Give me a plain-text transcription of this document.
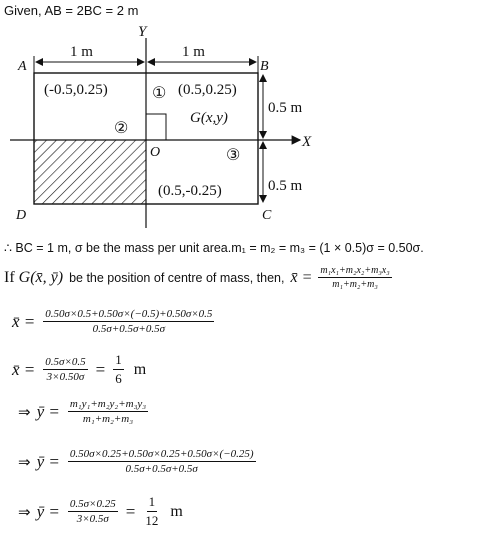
Given, AB = 2BC = 2 m
Y
X
O
A	B
C
D
1 m	1 m
0.5 m
0.5 m
(-0.5,0.25)	(0.5,0.25)
(0.5,-0.25)
①
②
③
G(x,y)
∴ BC = 1 m, σ be the mass per unit area.m₁ = m₂ = m₃ = (1 × 0.5)σ = 0.50σ.
If G(x̄, ȳ) be the position of centre of mass, then, x̄ = $\frac{\text{m₁x₁+m₂x₂+m₃x₃}}{\text{m₁+m₂+m₃}}$
x̄ = $\frac{0.50\sigma\times 0.5+0.50\sigma\times(-0.5)+0.50\sigma\times 0.5}{0.5\sigma+0.5\sigma+0.5\sigma}$
x̄ = $\frac{0.5\sigma\times 0.5}{3\times 0.50\sigma} = \frac{1}{6}$ m
⇒ ȳ = $\frac{\text{m₁y₁+m₂y₂+m₃y₃}}{\text{m₁+m₂+m₃}}$
⇒ ȳ = $\frac{0.50\sigma\times 0.25+0.50\sigma\times 0.25+0.50\sigma\times(-0.25)}{0.5\sigma+0.5\sigma+0.5\sigma}$
⇒ ȳ = $\frac{0.5\sigma\times 0.25}{3\times 0.5\sigma} = \frac{1}{12}$ m
